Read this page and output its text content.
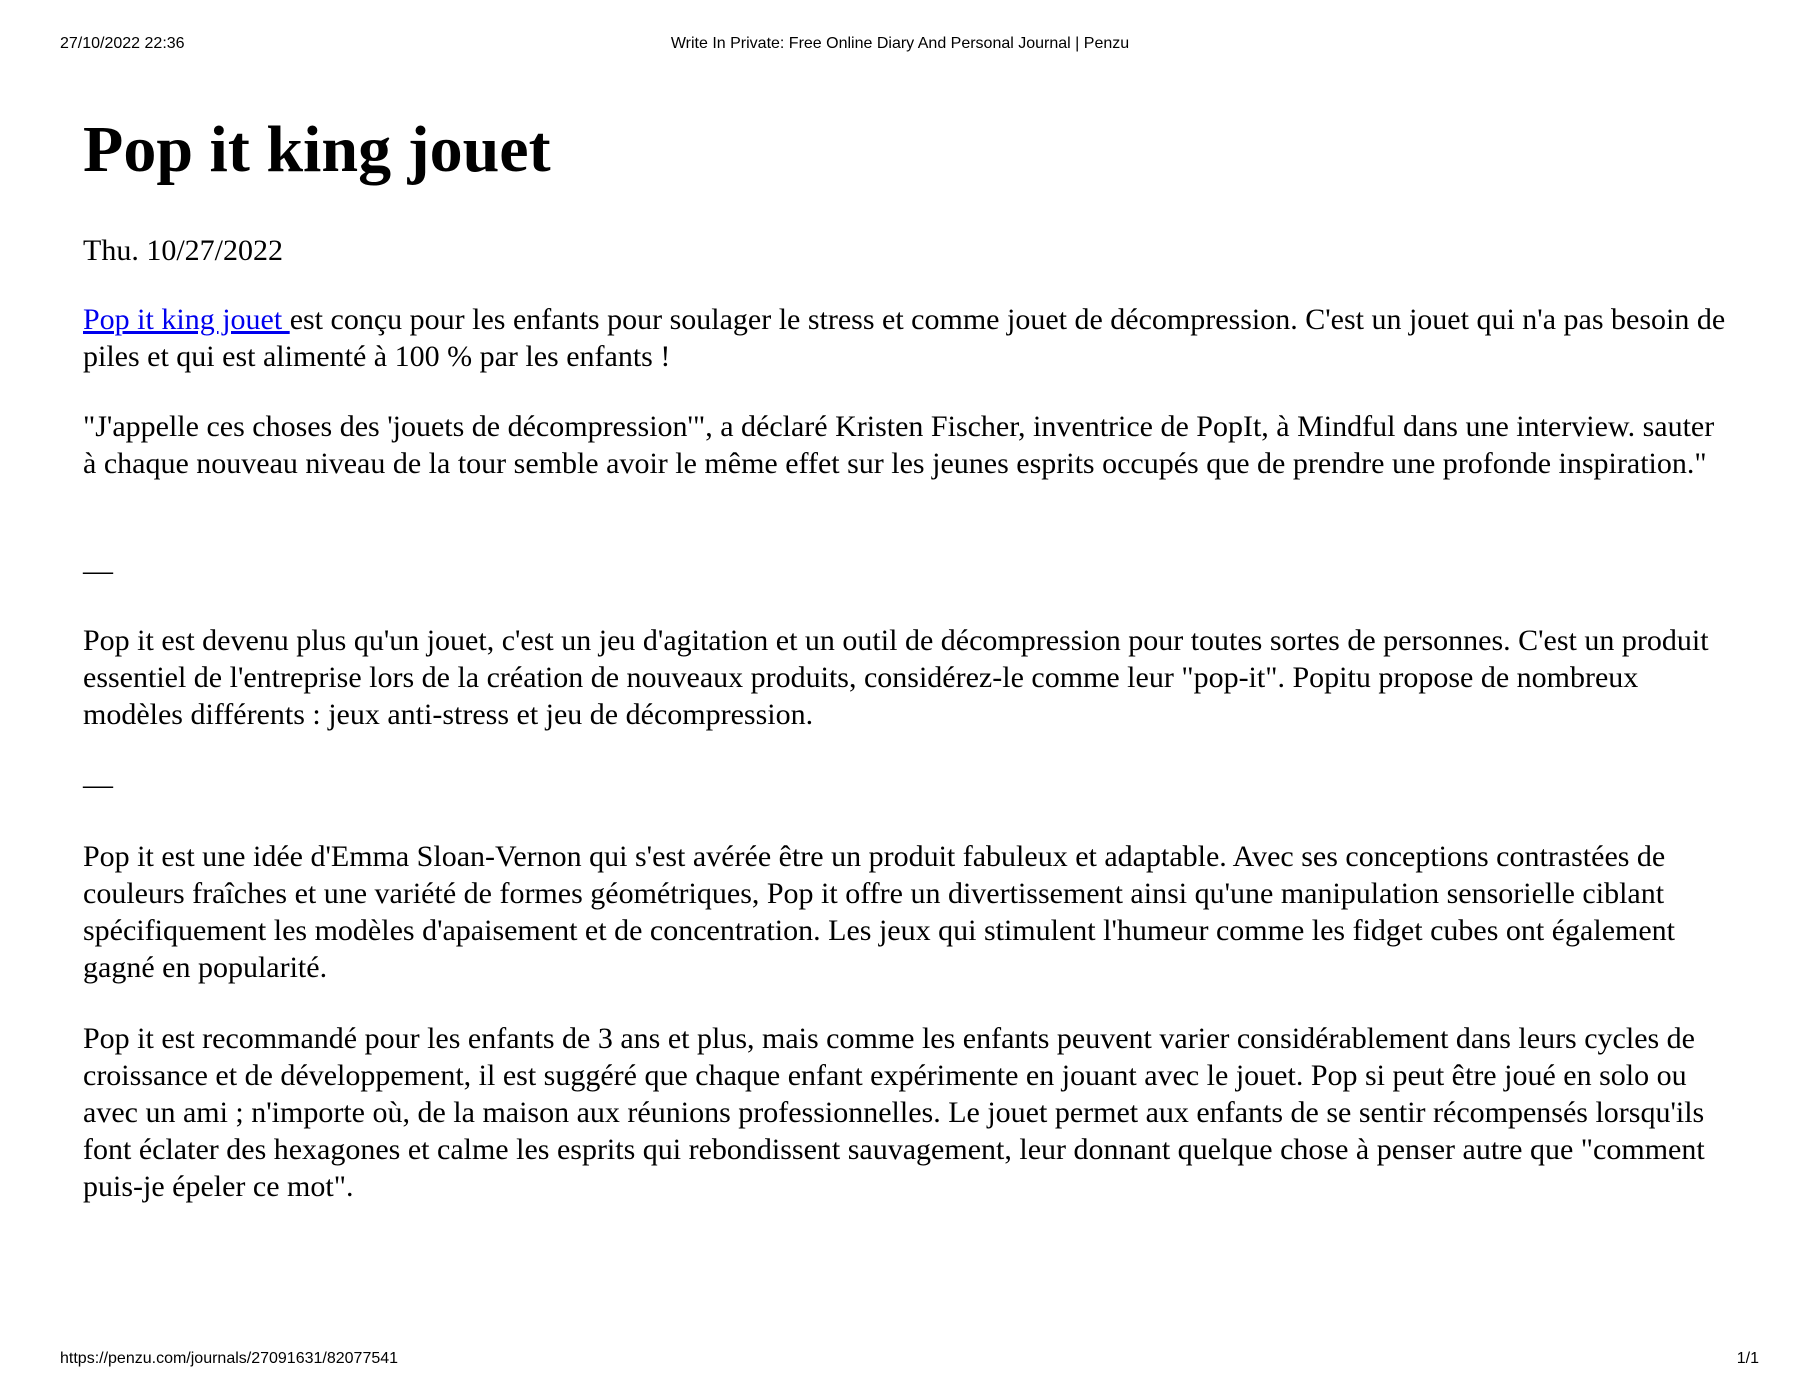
27/10/2022 22:36	Write In Private: Free Online Diary And Personal Journal | Penzu
Pop it king jouet

Thu. 10/27/2022

Pop it king jouet est conçu pour les enfants pour soulager le stress et comme jouet de décompression. C'est un jouet qui n'a pas besoin de piles et qui est alimenté à 100 % par les enfants !

"J'appelle ces choses des 'jouets de décompression'", a déclaré Kristen Fischer, inventrice de PopIt, à Mindful dans une interview. sauter à chaque nouveau niveau de la tour semble avoir le même effet sur les jeunes esprits occupés que de prendre une profonde inspiration."

—

Pop it est devenu plus qu'un jouet, c'est un jeu d'agitation et un outil de décompression pour toutes sortes de personnes. C'est un produit essentiel de l'entreprise lors de la création de nouveaux produits, considérez-le comme leur "pop-it". Popitu propose de nombreux modèles différents : jeux anti-stress et jeu de décompression.

—

Pop it est une idée d'Emma Sloan-Vernon qui s'est avérée être un produit fabuleux et adaptable. Avec ses conceptions contrastées de couleurs fraîches et une variété de formes géométriques, Pop it offre un divertissement ainsi qu'une manipulation sensorielle ciblant spécifiquement les modèles d'apaisement et de concentration. Les jeux qui stimulent l'humeur comme les fidget cubes ont également gagné en popularité.

Pop it est recommandé pour les enfants de 3 ans et plus, mais comme les enfants peuvent varier considérablement dans leurs cycles de croissance et de développement, il est suggéré que chaque enfant expérimente en jouant avec le jouet. Pop si peut être joué en solo ou avec un ami ; n'importe où, de la maison aux réunions professionnelles. Le jouet permet aux enfants de se sentir récompensés lorsqu'ils font éclater des hexagones et calme les esprits qui rebondissent sauvagement, leur donnant quelque chose à penser autre que "comment puis-je épeler ce mot".

https://penzu.com/journals/27091631/82077541	1/1
